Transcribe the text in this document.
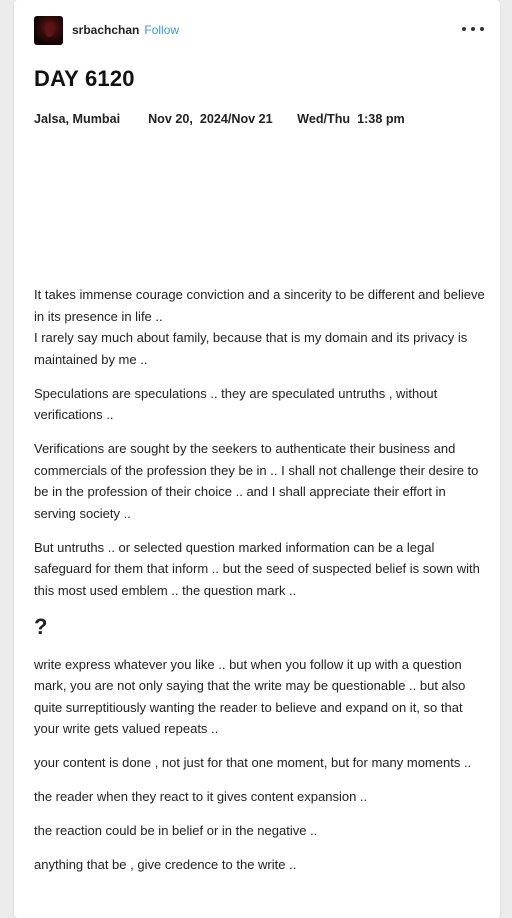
srbachchan Follow
DAY 6120
Jalsa, Mumbai        Nov 20,  2024/Nov 21       Wed/Thu  1:38 pm

It takes immense courage conviction and a sincerity to be different and believe in its presence in life ..
I rarely say much about family, because that is my domain and its privacy is maintained by me ..

Speculations are speculations .. they are speculated untruths , without verifications ..

Verifications are sought by the seekers to authenticate their business and commercials of the profession they be in .. I shall not challenge their desire to be in the profession of their choice .. and I shall appreciate their effort in serving society ..

But untruths .. or selected question marked information can be a legal safeguard for them that inform .. but the seed of suspected belief is sown with this most used emblem .. the question mark ..

?

write express whatever you like .. but when you follow it up with a question mark, you are not only saying that the write may be questionable .. but also quite surreptitiously wanting the reader to believe and expand on it, so that your write gets valued repeats ..

your content is done , not just for that one moment, but for many moments ..

the reader when they react to it gives content expansion ..

the reaction could be in belief or in the negative ..

anything that be , give credence to the write ..
